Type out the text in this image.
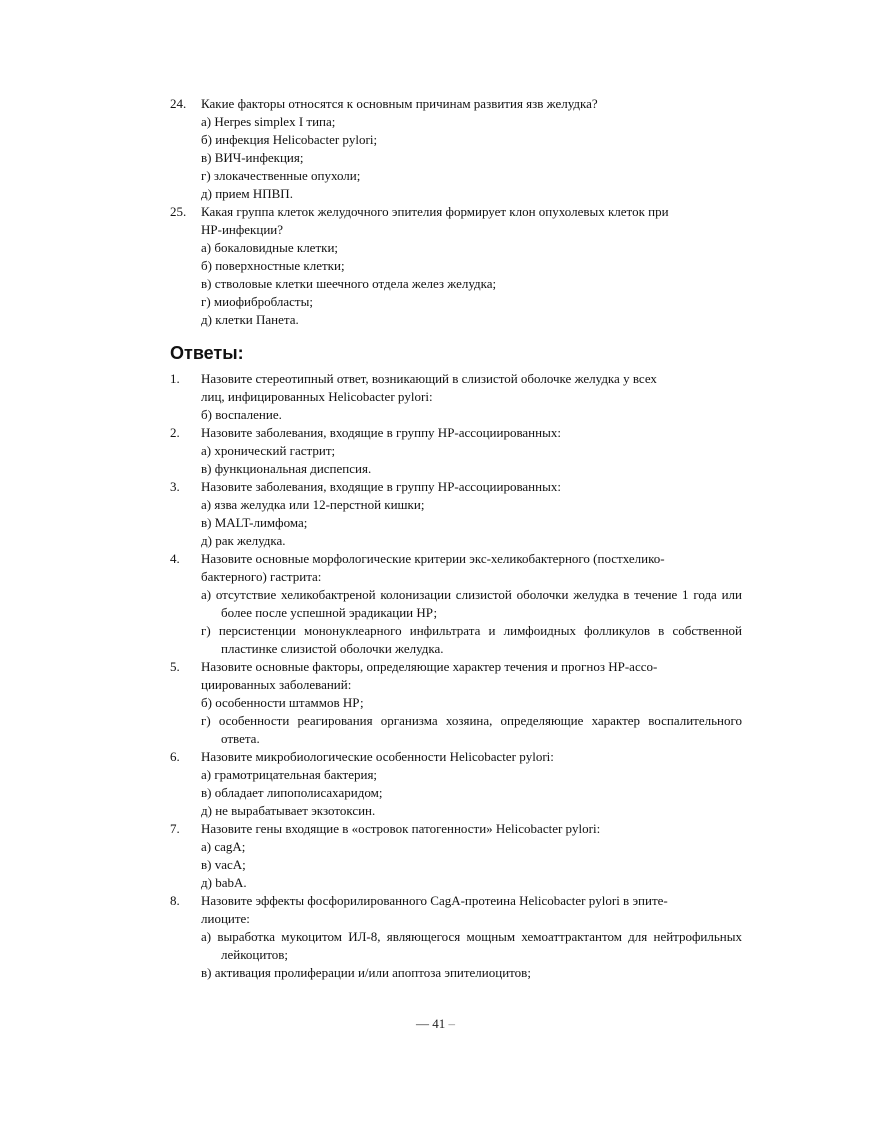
24. Какие факторы относятся к основным причинам развития язв желудка?
а) Herpes simplex I типа;
б) инфекция Helicobacter pylori;
в) ВИЧ-инфекция;
г) злокачественные опухоли;
д) прием НПВП.
25. Какая группа клеток желудочного эпителия формирует клон опухолевых клеток при
НР-инфекции?
а) бокаловидные клетки;
б) поверхностные клетки;
в) стволовые клетки шеечного отдела желез желудка;
г) миофибробласты;
д) клетки Панета.
Ответы:
1. Назовите стереотипный ответ, возникающий в слизистой оболочке желудка у всех
лиц, инфицированных Helicobacter pylori:
б) воспаление.
2. Назовите заболевания, входящие в группу НР-ассоциированных:
а) хронический гастрит;
в) функциональная диспепсия.
3. Назовите заболевания, входящие в группу НР-ассоциированных:
а) язва желудка или 12-перстной кишки;
в) MALT-лимфома;
д) рак желудка.
4. Назовите основные морфологические критерии экс-хеликобактерного (постхелико-
бактерного) гастрита:
а) отсутствие хеликобактреной колонизации слизистой оболочки желудка в течение 1 года или более после успешной эрадикации НР;
г) персистенции мононуклеарного инфильтрата и лимфоидных фолликулов в собственной пластинке слизистой оболочки желудка.
5. Назовите основные факторы, определяющие характер течения и прогноз НР-ассо-
циированных заболеваний:
б) особенности штаммов НР;
г) особенности реагирования организма хозяина, определяющие характер воспалительного ответа.
6. Назовите микробиологические особенности Helicobacter pylori:
а) грамотрицательная бактерия;
в) обладает липополисахаридом;
д) не вырабатывает экзотоксин.
7. Назовите гены входящие в «островок патогенности» Helicobacter pylori:
а) cagA;
в) vacA;
д) babA.
8. Назовите эффекты фосфорилированного CagA-протеина Helicobacter pylori в эпите-
лиоците:
а) выработка мукоцитом ИЛ-8, являющегося мощным хемоаттрактантом для нейтрофильных лейкоцитов;
в) активация пролиферации и/или апоптоза эпителиоцитов;
— 41 –
